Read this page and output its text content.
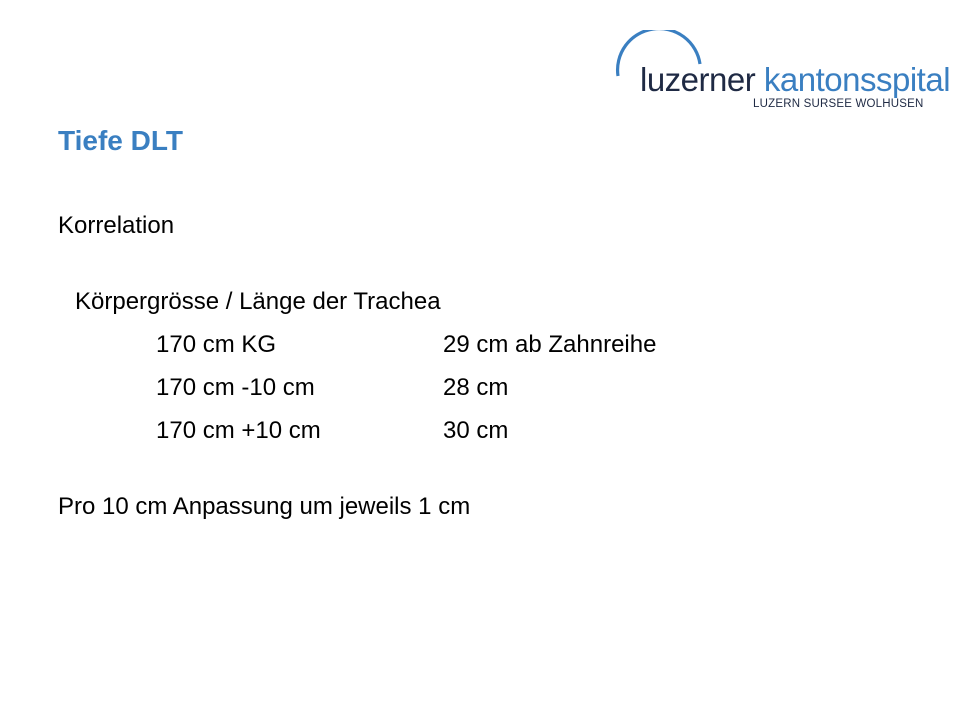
luzerner kantonsspital
LUZERN SURSEE WOLHUSEN
Tiefe DLT
Korrelation
Körpergrösse / Länge der Trachea
170 cm KG	29 cm ab Zahnreihe
170 cm -10 cm	28 cm
170 cm +10 cm	30 cm
Pro 10 cm Anpassung um jeweils 1 cm
